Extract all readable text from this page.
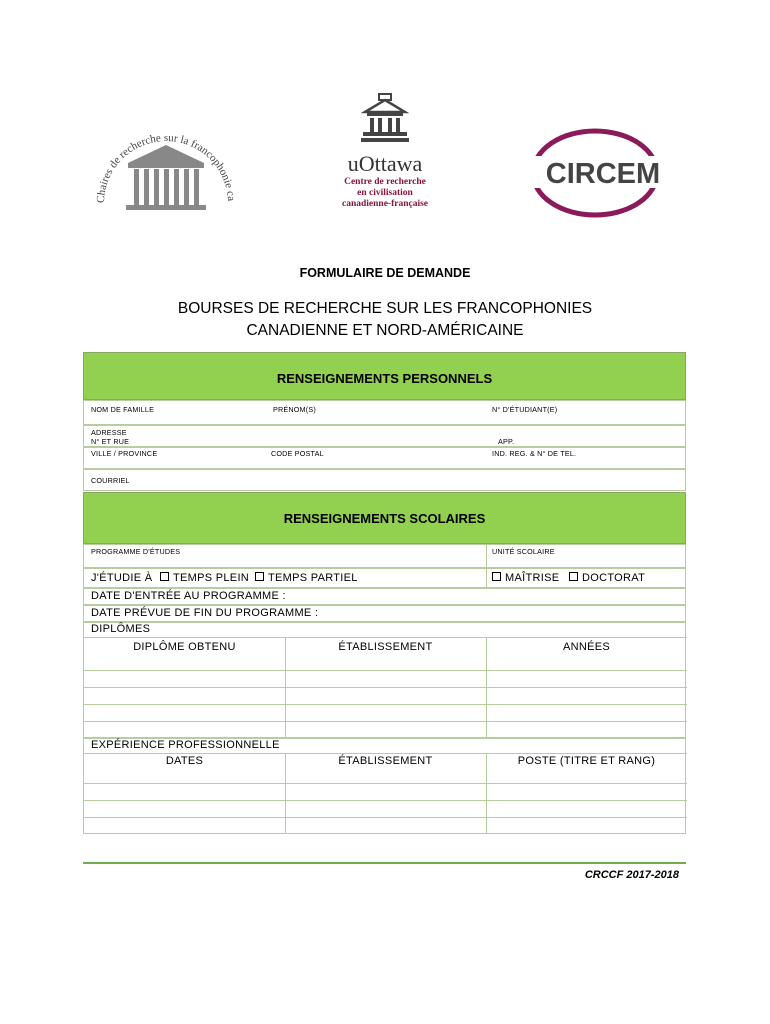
Chaires de recherche sur la francophonie ca
uOttawa
Centre de recherche
en civilisation
canadienne-française
CIRCEM
FORMULAIRE DE DEMANDE
BOURSES DE RECHERCHE SUR LES FRANCOPHONIES
CANADIENNE ET NORD-AMÉRICAINE
RENSEIGNEMENTS PERSONNELS
NOM DE FAMILLE	PRÉNOM(S)	N° D'ÉTUDIANT(E)
ADRESSE
N° ET RUE	APP.
VILLE / PROVINCE	CODE POSTAL	IND. REG. & N° DE TEL.
COURRIEL
RENSEIGNEMENTS SCOLAIRES
PROGRAMME D'ÉTUDES	UNITÉ SCOLAIRE
J'ÉTUDIE À	TEMPS PLEIN	TEMPS PARTIEL	MAÎTRISE	DOCTORAT
DATE D'ENTRÉE AU PROGRAMME :
DATE PRÉVUE DE FIN DU PROGRAMME :
DIPLÔMES
DIPLÔME OBTENU	ÉTABLISSEMENT	ANNÉES
EXPÉRIENCE PROFESSIONNELLE
DATES	ÉTABLISSEMENT	POSTE (TITRE ET RANG)
CRCCF 2017-2018
